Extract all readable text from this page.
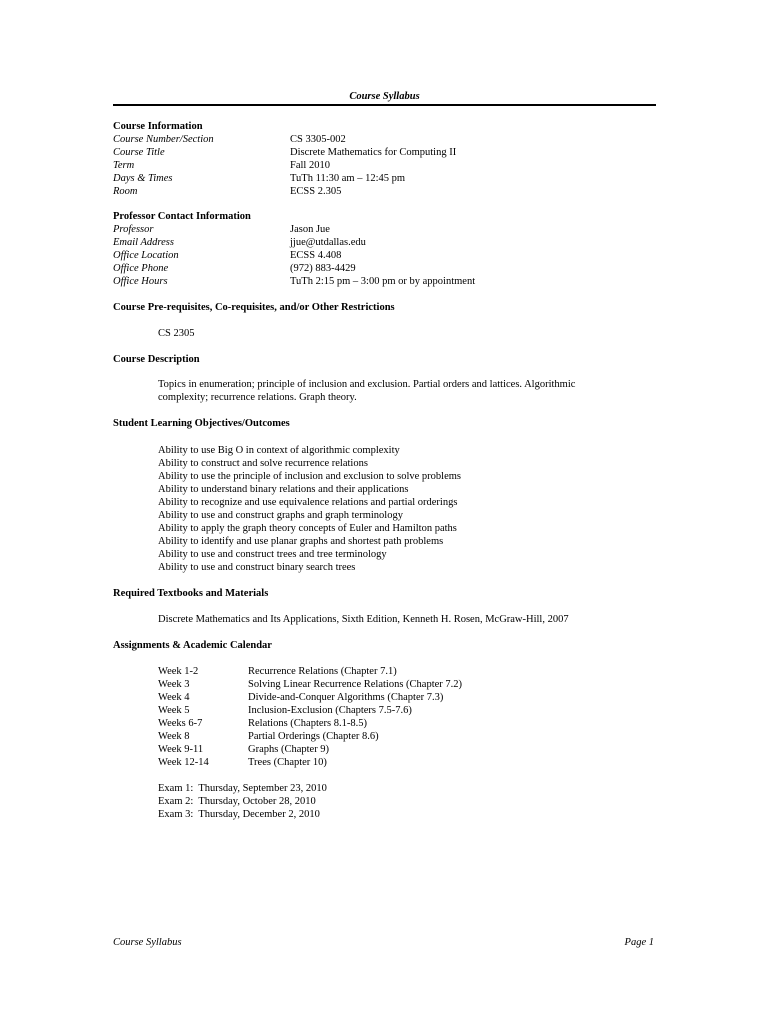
Course Syllabus
Course Information
Course Number/Section	CS 3305-002
Course Title	Discrete Mathematics for Computing II
Term	Fall 2010
Days & Times	TuTh 11:30 am – 12:45 pm
Room	ECSS 2.305
Professor Contact Information
Professor	Jason Jue
Email Address	jjue@utdallas.edu
Office Location	ECSS 4.408
Office Phone	(972) 883-4429
Office Hours	TuTh 2:15 pm – 3:00 pm or by appointment
Course Pre-requisites, Co-requisites, and/or Other Restrictions
CS 2305
Course Description
Topics in enumeration; principle of inclusion and exclusion. Partial orders and lattices. Algorithmic
complexity; recurrence relations. Graph theory.
Student Learning Objectives/Outcomes
Ability to use Big O in context of algorithmic complexity
Ability to construct and solve recurrence relations
Ability to use the principle of inclusion and exclusion to solve problems
Ability to understand binary relations and their applications
Ability to recognize and use equivalence relations and partial orderings
Ability to use and construct graphs and graph terminology
Ability to apply the graph theory concepts of Euler and Hamilton paths
Ability to identify and use planar graphs and shortest path problems
Ability to use and construct trees and tree terminology
Ability to use and construct binary search trees
Required Textbooks and Materials
Discrete Mathematics and Its Applications, Sixth Edition, Kenneth H. Rosen, McGraw-Hill, 2007
Assignments & Academic Calendar
Week 1-2	Recurrence Relations (Chapter 7.1)
Week 3	Solving Linear Recurrence Relations (Chapter 7.2)
Week 4	Divide-and-Conquer Algorithms (Chapter 7.3)
Week 5	Inclusion-Exclusion (Chapters 7.5-7.6)
Weeks 6-7	Relations (Chapters 8.1-8.5)
Week 8	Partial Orderings (Chapter 8.6)
Week 9-11	Graphs (Chapter 9)
Week 12-14	Trees (Chapter 10)
Exam 1:  Thursday, September 23, 2010
Exam 2:  Thursday, October 28, 2010
Exam 3:  Thursday, December 2, 2010
Course Syllabus	Page 1
